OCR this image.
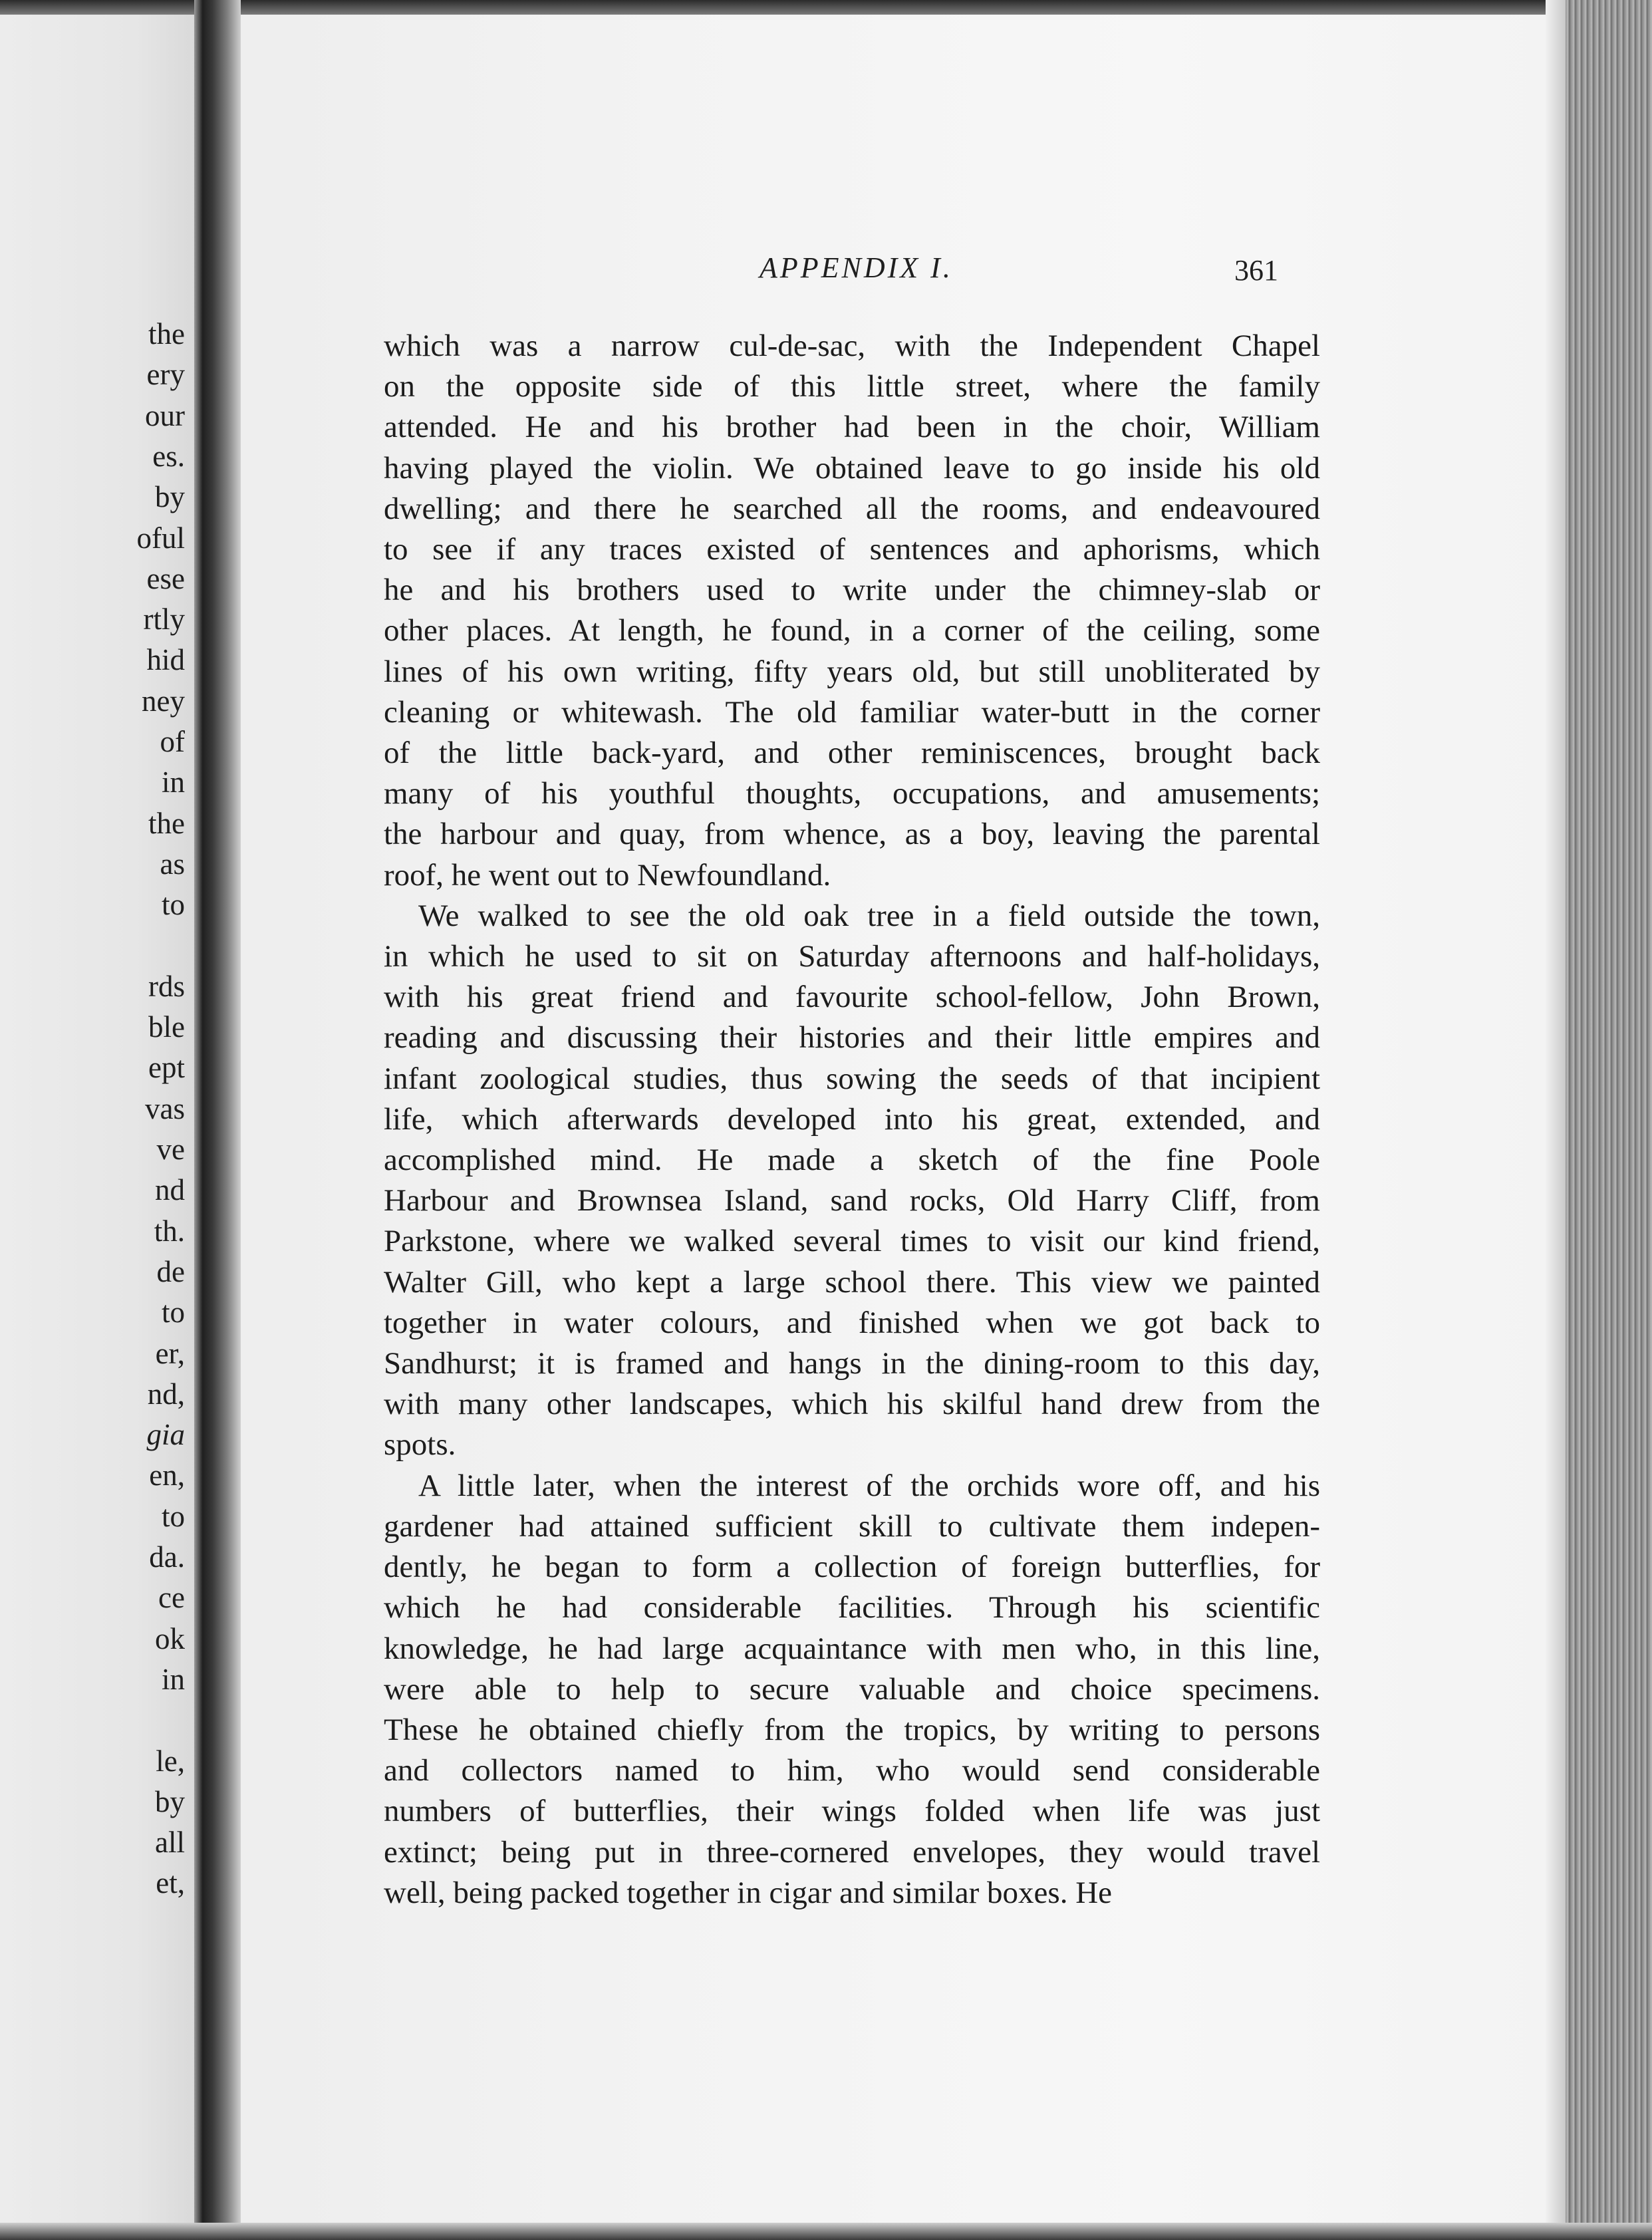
the
ery
our
es.
by
oful
ese
rtly
hid
ney
of
in
the
as
to
rds
ble
ept
vas
ve
nd
th.
de
to
er,
nd,
gia
en,
to
da.
ce
ok
in
le,
by
all
et,
APPENDIX I.	361
which was a narrow cul-de-sac, with the Independent Chapel
on the opposite side of this little street, where the family
attended. He and his brother had been in the choir, William
having played the violin. We obtained leave to go inside his old
dwelling; and there he searched all the rooms, and endeavoured
to see if any traces existed of sentences and aphorisms, which
he and his brothers used to write under the chimney-slab or
other places. At length, he found, in a corner of the ceiling, some
lines of his own writing, fifty years old, but still unobliterated by
cleaning or whitewash. The old familiar water-butt in the corner
of the little back-yard, and other reminiscences, brought back
many of his youthful thoughts, occupations, and amusements;
the harbour and quay, from whence, as a boy, leaving the parental
roof, he went out to Newfoundland.
We walked to see the old oak tree in a field outside the town,
in which he used to sit on Saturday afternoons and half-holidays,
with his great friend and favourite school-fellow, John Brown,
reading and discussing their histories and their little empires and
infant zoological studies, thus sowing the seeds of that incipient
life, which afterwards developed into his great, extended, and
accomplished mind. He made a sketch of the fine Poole
Harbour and Brownsea Island, sand rocks, Old Harry Cliff, from
Parkstone, where we walked several times to visit our kind friend,
Walter Gill, who kept a large school there. This view we painted
together in water colours, and finished when we got back to
Sandhurst; it is framed and hangs in the dining-room to this day,
with many other landscapes, which his skilful hand drew from the
spots.
A little later, when the interest of the orchids wore off, and his
gardener had attained sufficient skill to cultivate them indepen-
dently, he began to form a collection of foreign butterflies, for
which he had considerable facilities. Through his scientific
knowledge, he had large acquaintance with men who, in this line,
were able to help to secure valuable and choice specimens.
These he obtained chiefly from the tropics, by writing to persons
and collectors named to him, who would send considerable
numbers of butterflies, their wings folded when life was just
extinct; being put in three-cornered envelopes, they would travel
well, being packed together in cigar and similar boxes. He
